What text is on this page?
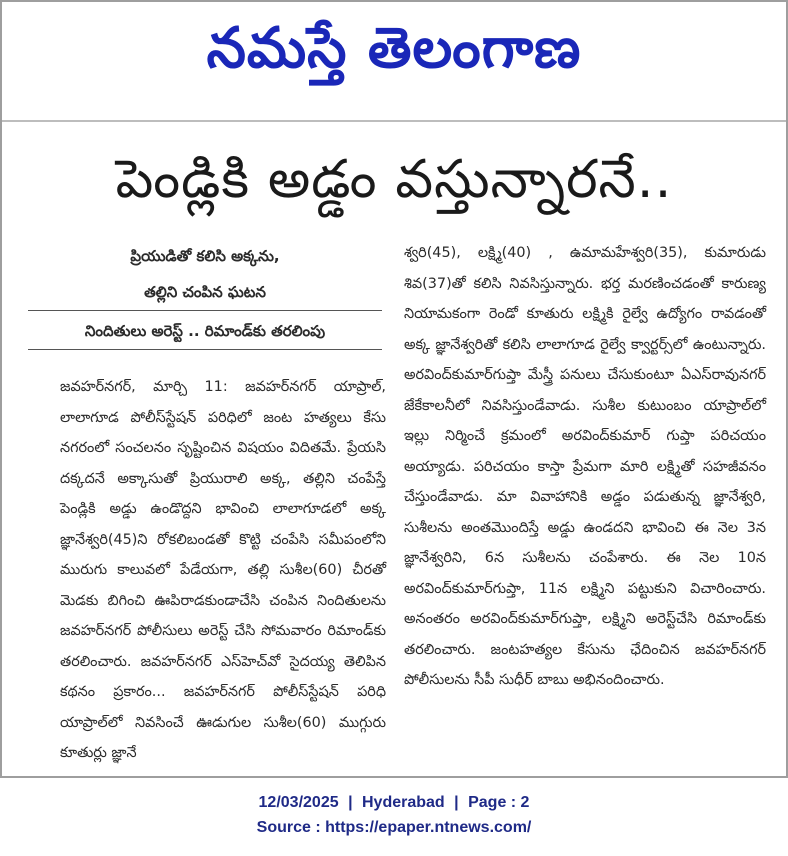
నమస్తే తెలంగాణ
పెండ్లికి అడ్డం వస్తున్నారనే..
ప్రియుడితో కలిసి అక్కను,
తల్లిని చంపిన ఘటన
నిందితులు అరెస్ట్ .. రిమాండ్‌కు తరలింపు

జవహర్‌నగర్, మార్చి 11: జవహర్‌నగర్ యాప్రాల్, లాలాగూడ పోలీస్‌స్టేషన్ పరిధిలో జంట హత్యలు కేసు నగరంలో సంచలనం సృష్టించిన విషయం విదితమే. ప్రేయసి దక్కదనే అక్కాసుతో ప్రియురాలి అక్క, తల్లిని చంపేస్తే పెండ్లికి అడ్డు ఉండొద్దని భావించి లాలాగూడలో అక్క జ్ఞానేశ్వరి(45)ని రోకలిబండతో కొట్టి చంపేసి సమీపంలోని మురుగు కాలువలో పేడేయగా, తల్లి సుశీల(60) చీరతో మెడకు బిగించి ఊపిరాడకుండాచేసి చంపిన నిందితులను జవహర్‌నగర్ పోలీసులు అరెస్ట్ చేసి సోమవారం రిమాండ్‌కు తరలించారు. జవహర్‌నగర్ ఎస్‌హెచ్‌వో సైదయ్య తెలిపిన కథనం ప్రకారం... జవహర్‌నగర్ పోలీస్‌స్టేషన్ పరిధి యాప్రాల్‌లో నివసించే ఊడుగుల సుశీల(60) ముగ్గురు కూతుర్లు జ్ఞానే

శ్వరి(45), లక్ష్మి(40) , ఉమామహేశ్వరి(35), కుమారుడు శివ(37)తో కలిసి నివసిస్తున్నారు. భర్త మరణించడంతో కారుణ్య నియామకంగా రెండో కూతురు లక్ష్మికి రైల్వే ఉద్యోగం రావడంతో అక్క జ్ఞానేశ్వరితో కలిసి లాలాగూడ రైల్వే క్వార్టర్స్‌లో ఉంటున్నారు. అరవింద్‌కుమార్‌గుప్తా మేస్త్రీ పనులు చేసుకుంటూ ఏఎస్‌రావునగర్ జేకేకాలనీలో నివసిస్తుండేవాడు. సుశీల కుటుంబం యాప్రాల్‌లో ఇల్లు నిర్మించే క్రమంలో అరవింద్‌కుమార్ గుప్తా పరిచయం అయ్యాడు. పరిచయం కాస్తా ప్రేమగా మారి లక్ష్మితో సహజీవనం చేస్తుండేవాడు. మా వివాహానికి అడ్డం పడుతున్న జ్ఞానేశ్వరి, సుశీలను అంతమొందిస్తే అడ్డు ఉండదని భావించి ఈ నెల 3న జ్ఞానేశ్వరిని, 6న సుశీలను చంపేశారు. ఈ నెల 10న అరవింద్‌కుమార్‌గుప్తా, 11న లక్ష్మిని పట్టుకుని విచారించారు. అనంతరం అరవింద్‌కుమార్‌గుప్తా, లక్ష్మిని అరెస్ట్‌చేసి రిమాండ్‌కు తరలించారు. జంటహత్యల కేసును ఛేదించిన జవహర్‌నగర్ పోలీసులను సీపీ సుధీర్ బాబు అభినందించారు.

12/03/2025 | Hyderabad | Page : 2
Source : https://epaper.ntnews.com/
